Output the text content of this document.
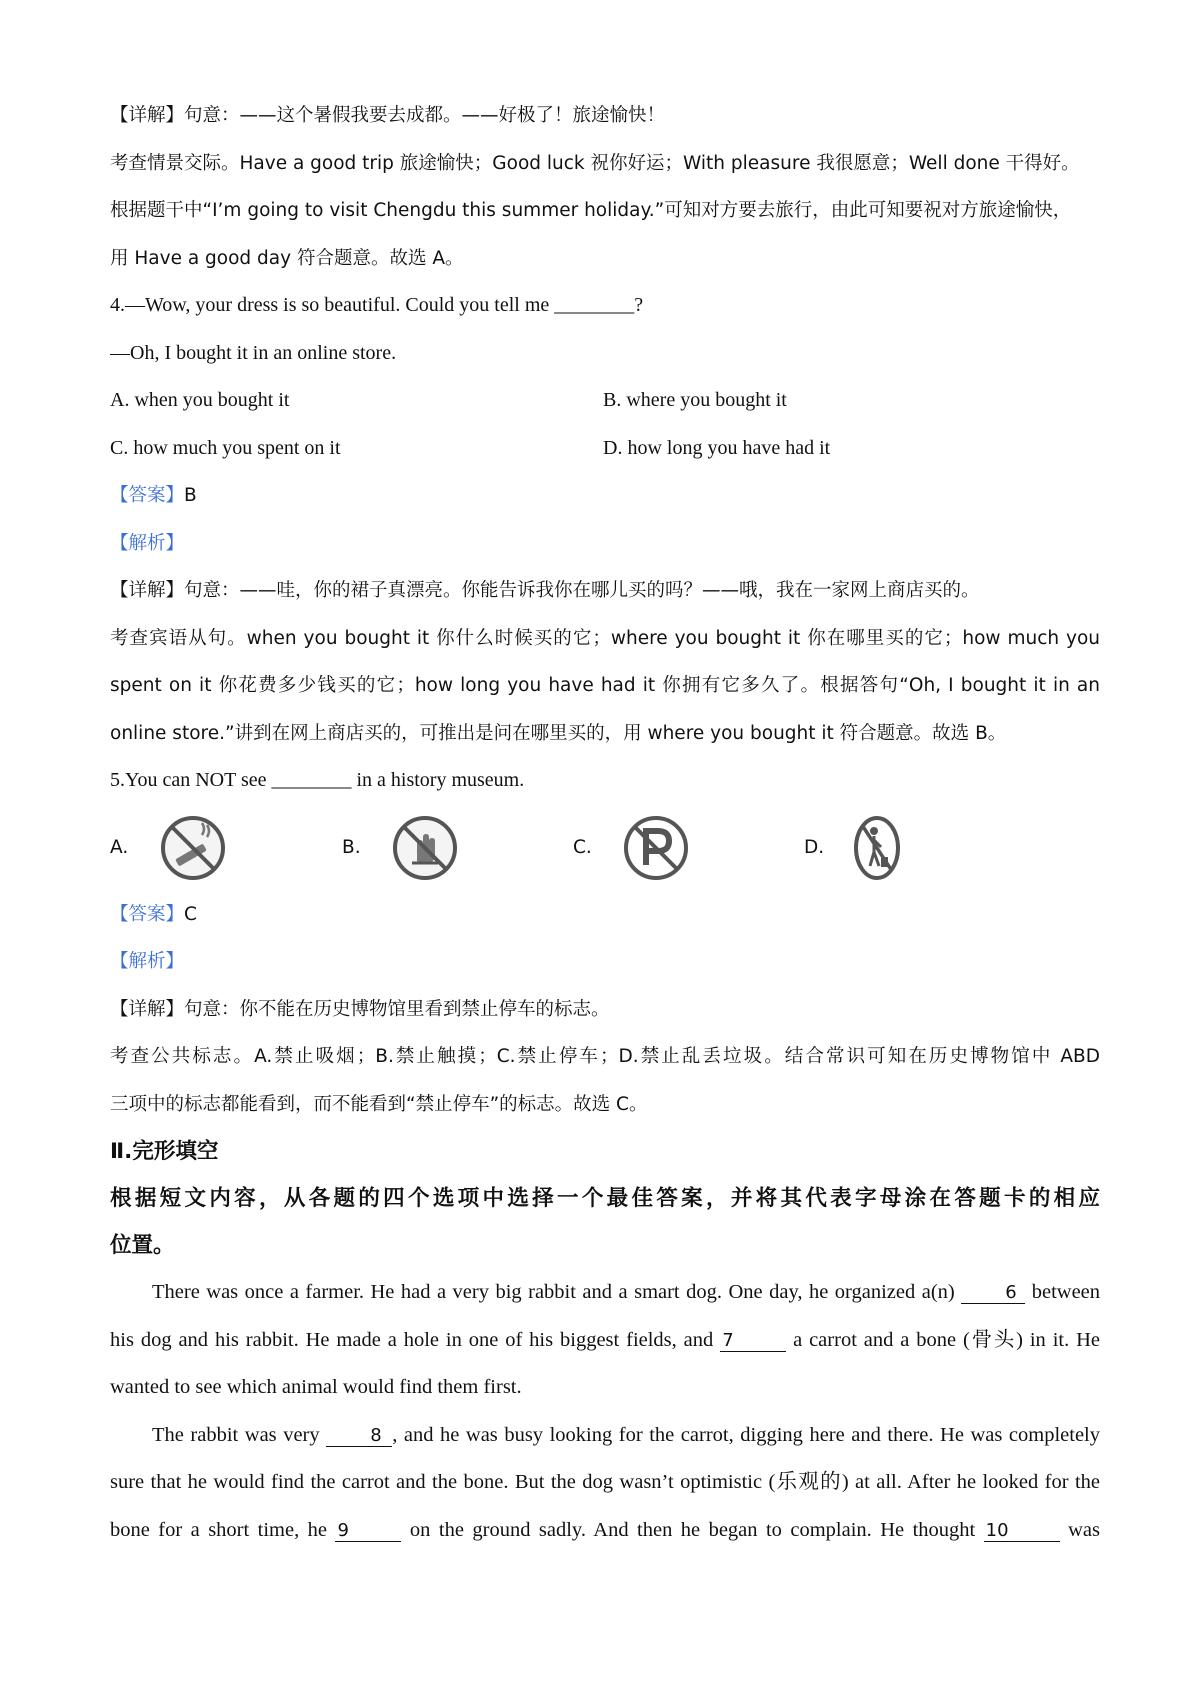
【详解】句意：——这个暑假我要去成都。——好极了！旅途愉快！
考查情景交际。Have a good trip 旅途愉快；Good luck 祝你好运；With pleasure 我很愿意；Well done 干得好。
根据题干中“I’m going to visit Chengdu this summer holiday.”可知对方要去旅行，由此可知要祝对方旅途愉快，
用 Have a good day 符合题意。故选 A。
4.—Wow, your dress is so beautiful. Could you tell me ________?
—Oh, I bought it in an online store.
A. when you bought it	B. where you bought it
C. how much you spent on it	D. how long you have had it
【答案】B
【解析】
【详解】句意：——哇，你的裙子真漂亮。你能告诉我你在哪儿买的吗？——哦，我在一家网上商店买的。
考查宾语从句。when you bought it 你什么时候买的它；where you bought it 你在哪里买的它；how much you
spent on it 你花费多少钱买的它；how long you have had it 你拥有它多久了。根据答句“Oh, I bought it in an
online store.”讲到在网上商店买的，可推出是问在哪里买的，用 where you bought it 符合题意。故选 B。
5.You can NOT see ________ in a history museum.
A.	B.	C.	D.
【答案】C
【解析】
【详解】句意：你不能在历史博物馆里看到禁止停车的标志。
考查公共标志。A.禁止吸烟；B.禁止触摸；C.禁止停车；D.禁止乱丢垃圾。结合常识可知在历史博物馆中 ABD
三项中的标志都能看到，而不能看到“禁止停车”的标志。故选 C。
Ⅱ.完形填空
根据短文内容，从各题的四个选项中选择一个最佳答案，并将其代表字母涂在答题卡的相应
位置。
There was once a farmer. He had a very big rabbit and a smart dog. One day, he organized a(n)	6 between
his dog and his rabbit. He made a hole in one of his biggest fields, and 7	a carrot and a bone (骨头) in it. He
wanted to see which animal would find them first.
The rabbit was very	8 , and he was busy looking for the carrot, digging here and there. He was completely
sure that he would find the carrot and the bone. But the dog wasn’t optimistic (乐观的) at all. After he looked for the
bone for a short time, he 9	on the ground sadly. And then he began to complain. He thought 10	was
